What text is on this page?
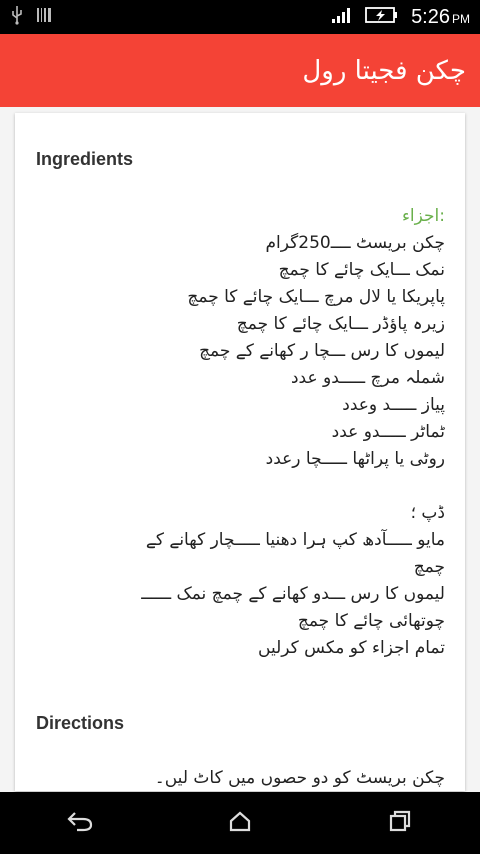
5:26 PM
چکن فجیتا رول
Ingredients
:اجزاء
چکن بریسٹ ــــ250گرام
نمک ـــایک چائے کا چمچ
پاپریکا یا لال مرچ ـــایک چائے کا چمچ
زیرہ پاؤڈر ـــایک چائے کا چمچ
لیموں کا رس ـــچا ر کھانے کے چمچ
شملہ مرچ ـــــدو عدد
پیاز ـــــد وعدد
ٹماٹر ـــــدو عدد
روٹی یا پراٹھا ـــــچا رعدد
ڈپ ؛
مایو ـــــآدھ کپ ہرا دھنیا ـــــچار کھانے کے
چمچ
لیموں کا رس ـــدو کھانے کے چمچ نمک ــــــ
چوتھائی چائے کا چمچ
تمام اجزاء کو مکس کرلیں
Directions
چکن بریسٹ کو دو حصوں میں کاٹ لیں۔
